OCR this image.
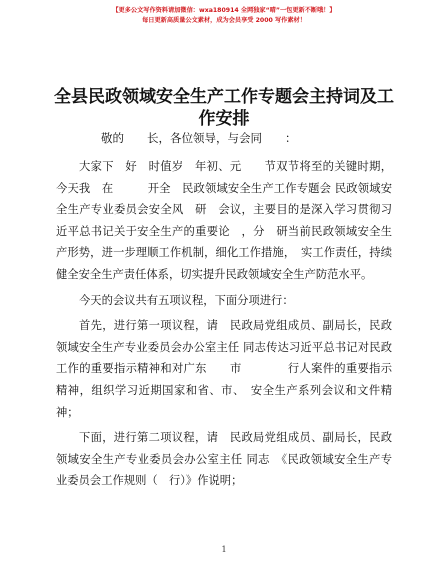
【更多公文写作资料请加微信：wxa180914 全网独家“晴”一包更新不断哦！】
每日更新高质量公文素材，成为会员享受 2000 写作素材！
全县民政领域安全生产工作专题会主持词及工作安排
敬的　　长，各位领导，与会同　　：

大家下　好　时值岁　年初、元　　节双节将至的关键时期，今天我　在　　　开全　民政领域安全生产工作专题会 民政领域安全生产专业委员会安全风　研　会议，主要目的是深入学习贯彻习近平总书记关于安全生产的重要论　，分　研当前民政领域安全生产形势，进一步理顺工作机制，细化工作措施，　实工作责任，持续健全安全生产责任体系，切实提升民政领域安全生产防范水平。

今天的会议共有五项议程，下面分项进行：

首先，进行第一项议程，请　民政局党组成员、副局长，民政领域安全生产专业委员会办公室主任 同志传达习近平总书记对民政工作的重要指示精神和对广东　　市　　　　行人案件的重要指示精神，组织学习近期国家和省、市、　安全生产系列会议和文件精神；

下面，进行第二项议程，请　民政局党组成员、副局长，民政领域安全生产专业委员会办公室主任 同志　《民政领域安全生产专业委员会工作规则（　行）》作说明；

1
